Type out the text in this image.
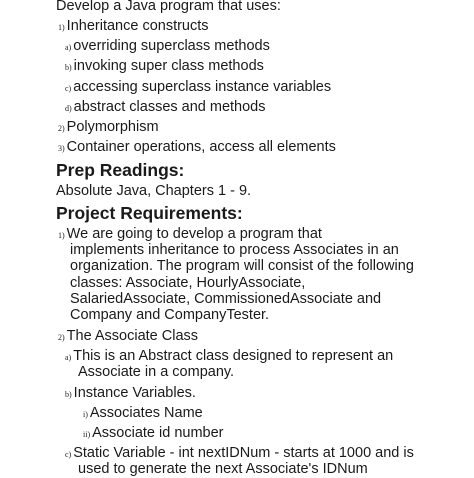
Develop a Java program that uses:
1) Inheritance constructs
a) overriding superclass methods
b) invoking super class methods
c) accessing superclass instance variables
d) abstract classes and methods
2) Polymorphism
3) Container operations, access all elements
Prep Readings:
Absolute Java, Chapters 1 - 9.
Project Requirements:
1) We are going to develop a program that
implements inheritance to process Associates in an
organization. The program will consist of the following
classes: Associate, HourlyAssociate,
SalariedAssociate, CommissionedAssociate and
Company and CompanyTester.
2) The Associate Class
a) This is an Abstract class designed to represent an
Associate in a company.
b) Instance Variables.
i) Associates Name
ii) Associate id number
c) Static Variable - int nextIDNum - starts at 1000 and is
used to generate the next Associate's IDNum
